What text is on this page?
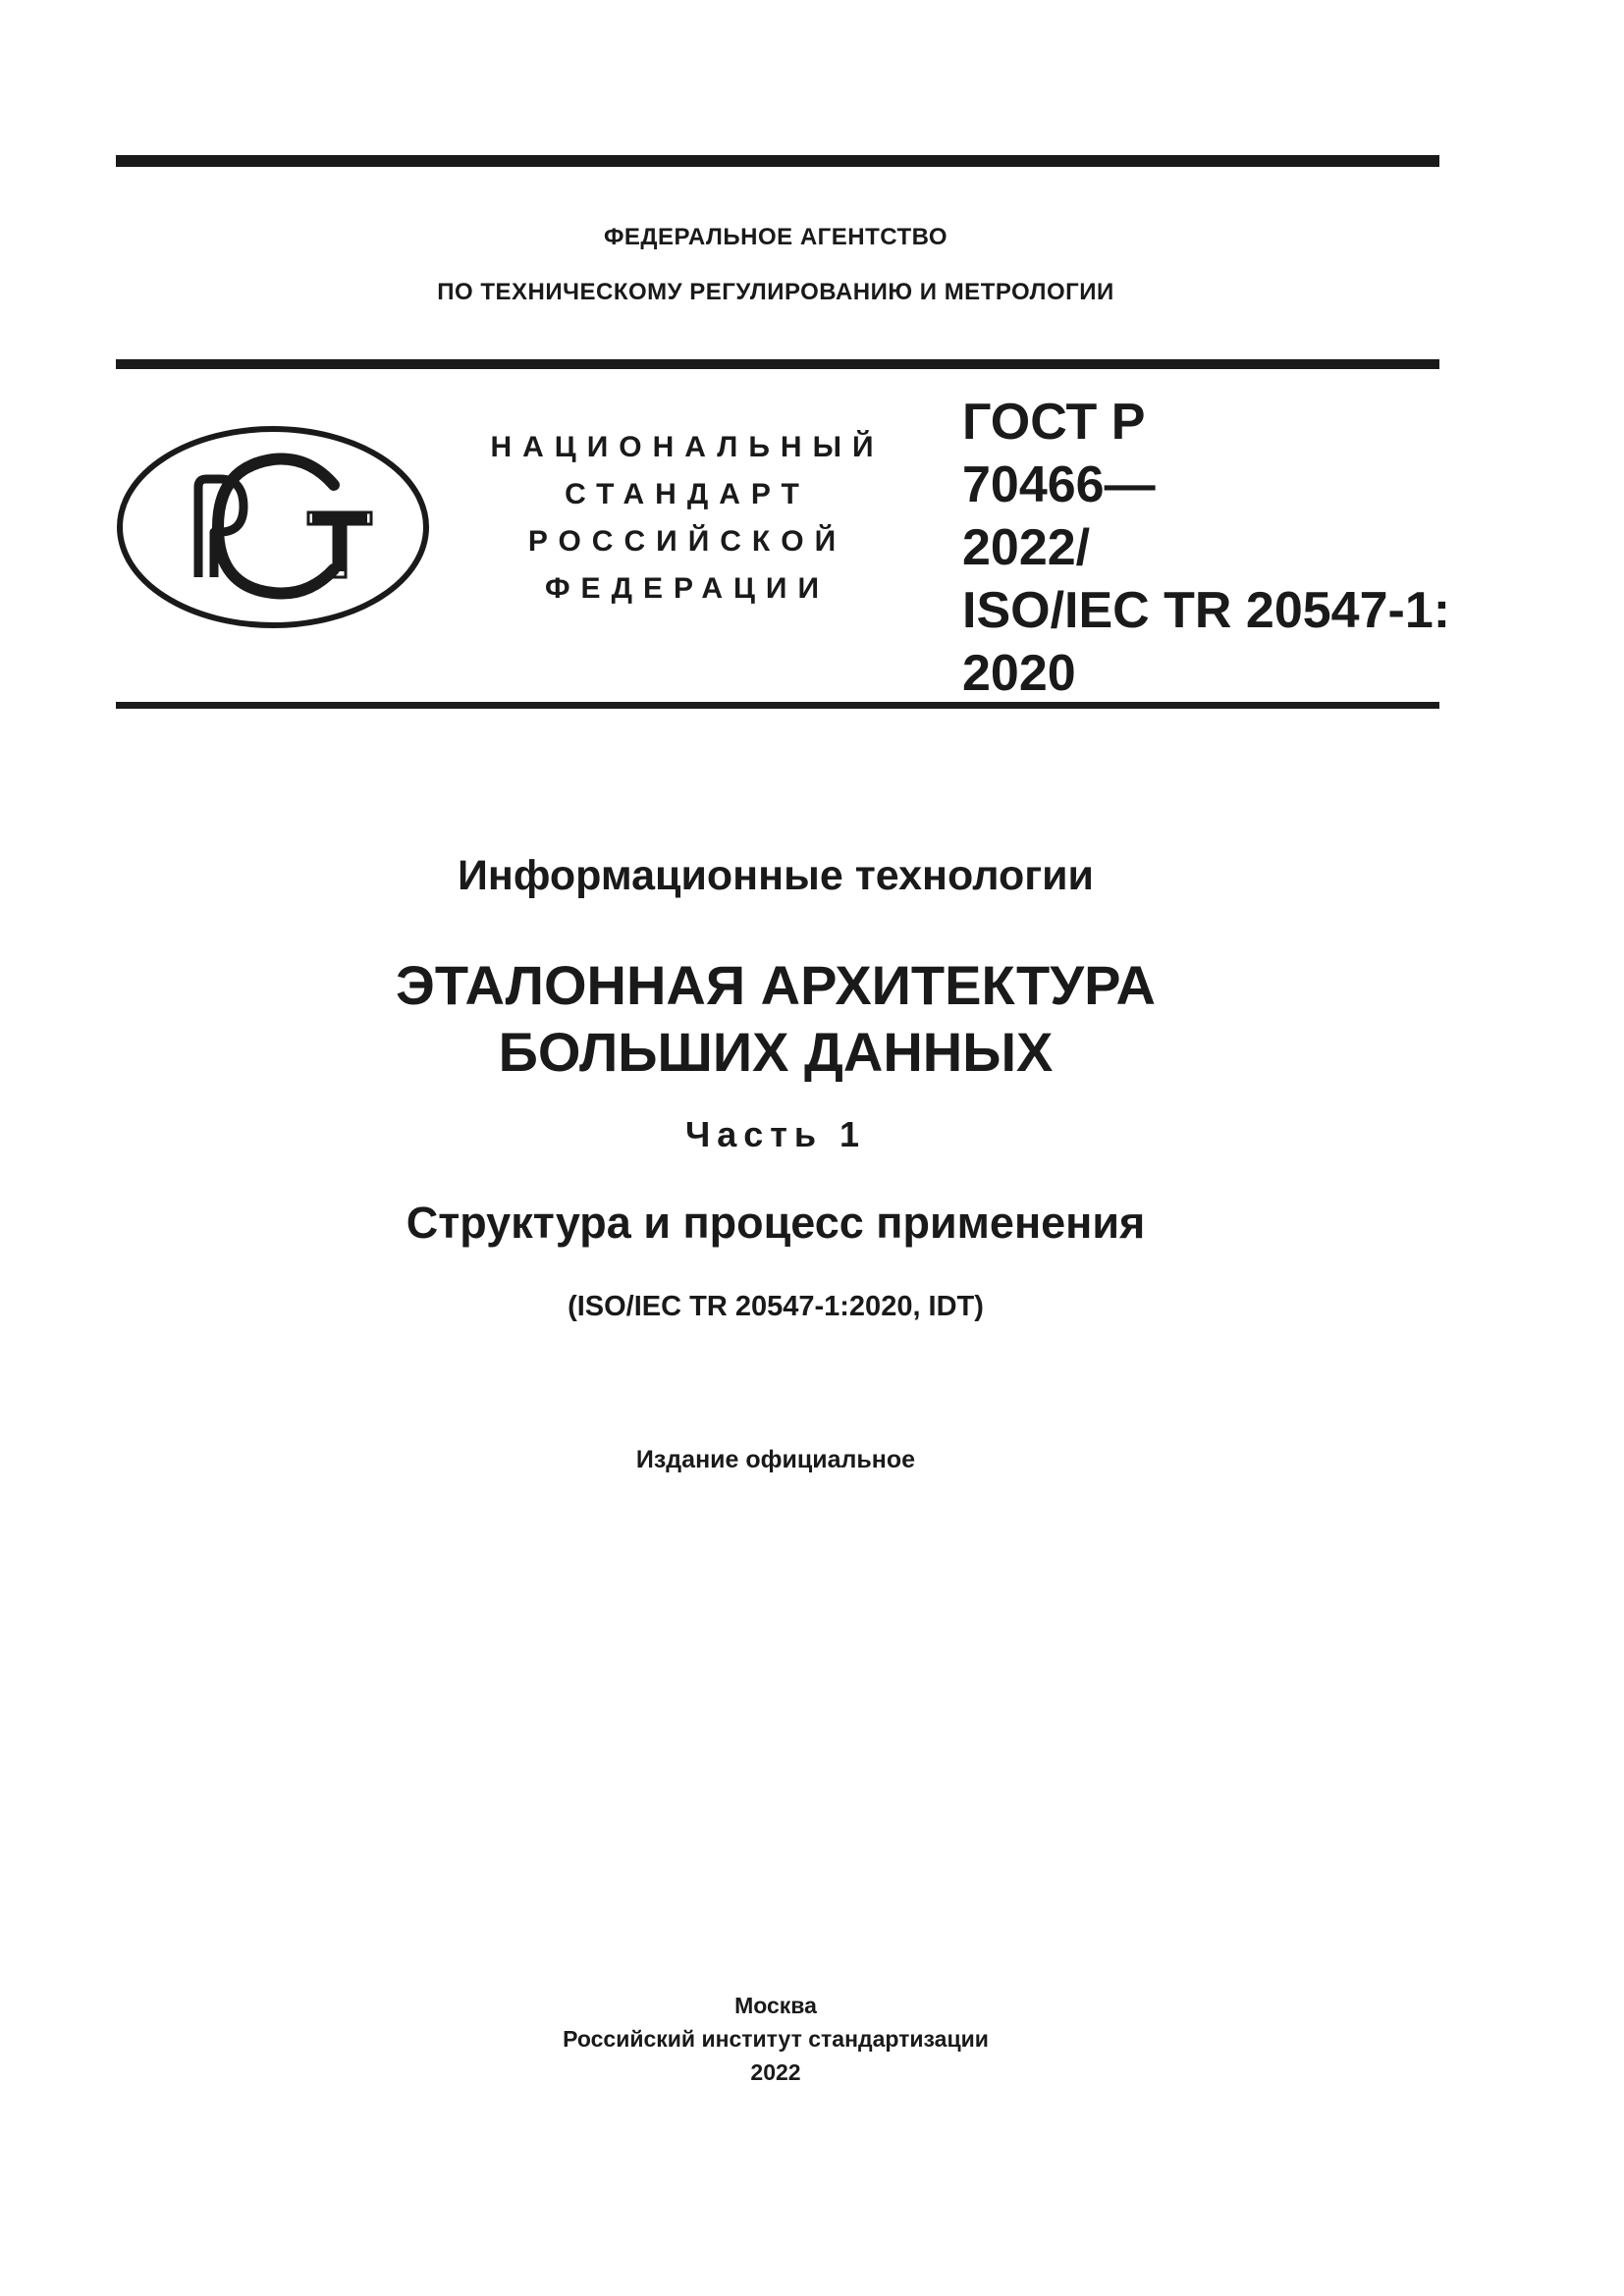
ФЕДЕРАЛЬНОЕ АГЕНТСТВО
ПО ТЕХНИЧЕСКОМУ РЕГУЛИРОВАНИЮ И МЕТРОЛОГИИ
НАЦИОНАЛЬНЫЙ
СТАНДАРТ
РОССИЙСКОЙ
ФЕДЕРАЦИИ
ГОСТ Р
70466—
2022/
ISO/IEC TR 20547-1:
2020
Информационные технологии
ЭТАЛОННАЯ АРХИТЕКТУРА
БОЛЬШИХ ДАННЫХ
Часть 1
Структура и процесс применения
(ISO/IEC TR 20547-1:2020, IDT)
Издание официальное
Москва
Российский институт стандартизации
2022
